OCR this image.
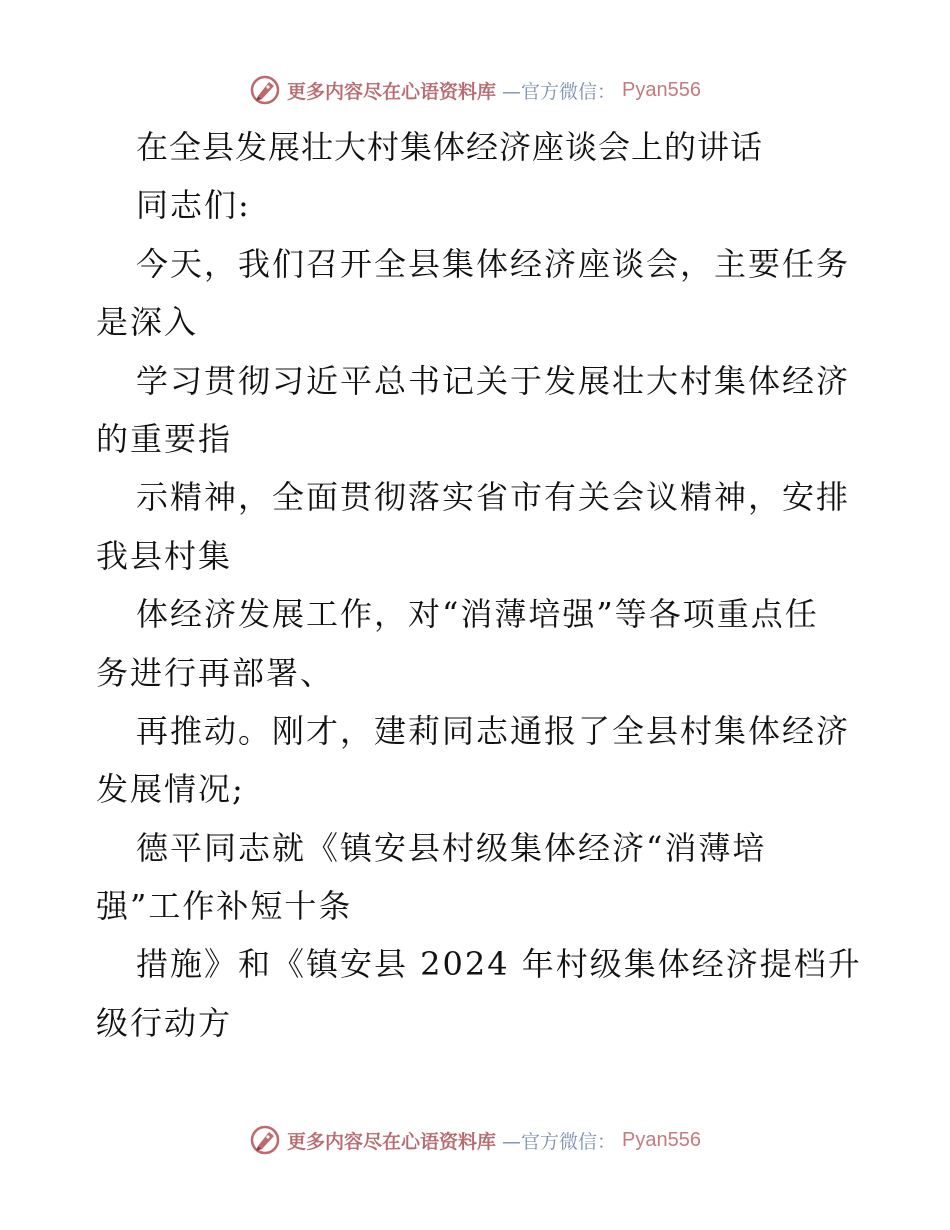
更多内容尽在心语资料库 —官方微信： Pyan556
在全县发展壮大村集体经济座谈会上的讲话
同志们:
今天，我们召开全县集体经济座谈会，主要任务
是深入
学习贯彻习近平总书记关于发展壮大村集体经济
的重要指
示精神，全面贯彻落实省市有关会议精神，安排
我县村集
体经济发展工作，对“消薄培强”等各项重点任
务进行再部署、
再推动。刚才，建莉同志通报了全县村集体经济
发展情况;
德平同志就《镇安县村级集体经济“消薄培
强”工作补短十条
措施》和《镇安县 2024 年村级集体经济提档升
级行动方
更多内容尽在心语资料库 —官方微信： Pyan556
